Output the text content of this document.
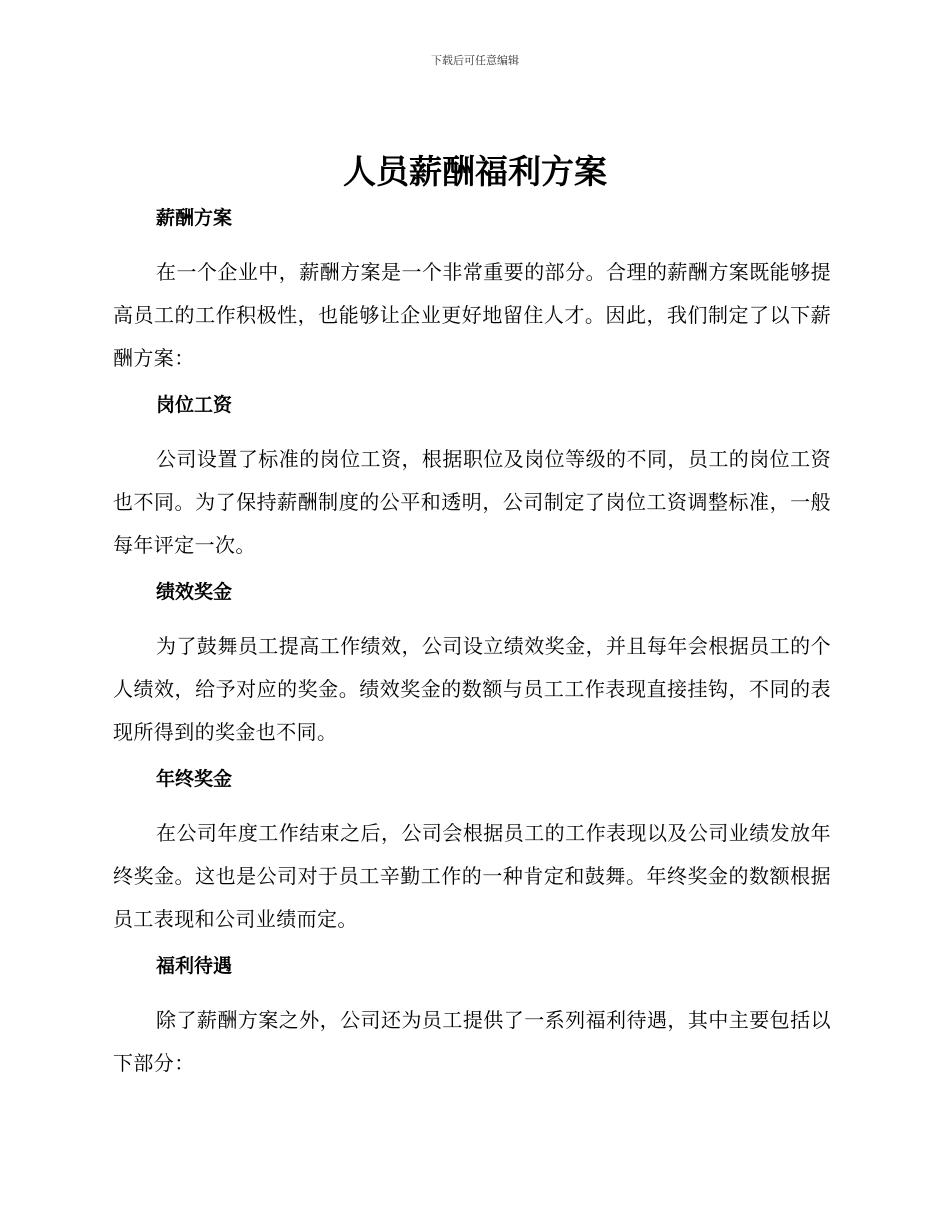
下载后可任意编辑
人员薪酬福利方案
薪酬方案

在一个企业中，薪酬方案是一个非常重要的部分。合理的薪酬方案既能够提高员工的工作积极性，也能够让企业更好地留住人才。因此，我们制定了以下薪酬方案：

岗位工资

公司设置了标准的岗位工资，根据职位及岗位等级的不同，员工的岗位工资也不同。为了保持薪酬制度的公平和透明，公司制定了岗位工资调整标准，一般每年评定一次。

绩效奖金

为了鼓舞员工提高工作绩效，公司设立绩效奖金，并且每年会根据员工的个人绩效，给予对应的奖金。绩效奖金的数额与员工工作表现直接挂钩，不同的表现所得到的奖金也不同。

年终奖金

在公司年度工作结束之后，公司会根据员工的工作表现以及公司业绩发放年终奖金。这也是公司对于员工辛勤工作的一种肯定和鼓舞。年终奖金的数额根据员工表现和公司业绩而定。

福利待遇

除了薪酬方案之外，公司还为员工提供了一系列福利待遇，其中主要包括以下部分：
